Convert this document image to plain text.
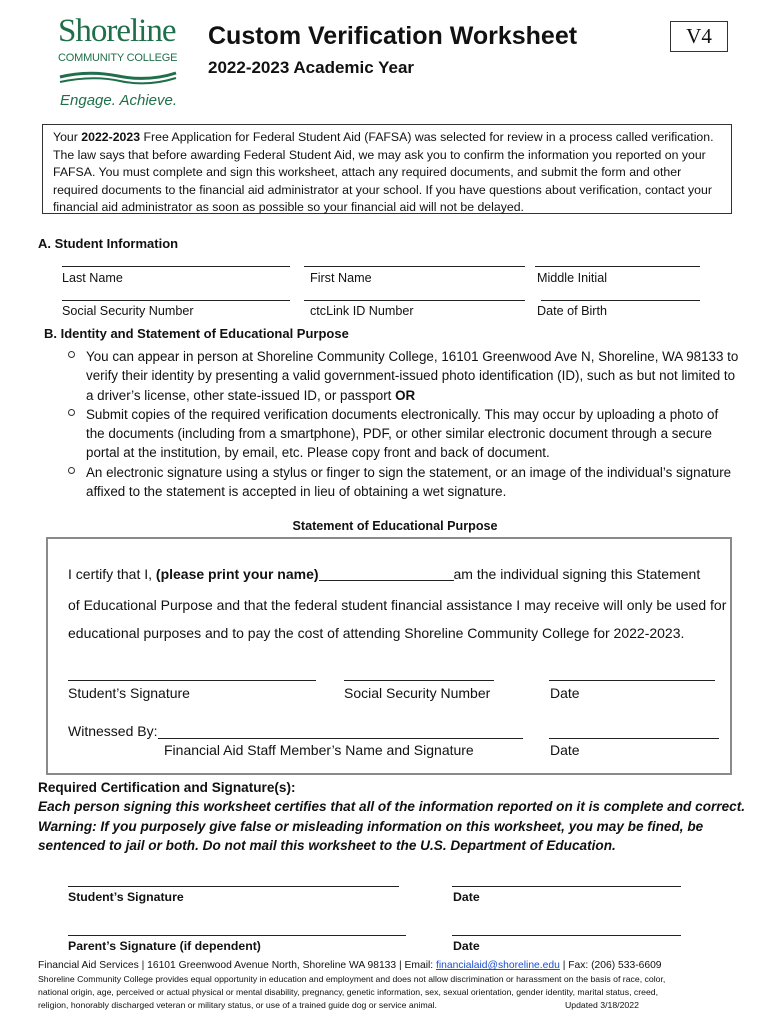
Shoreline
COMMUNITY COLLEGE
Engage. Achieve.
Custom Verification Worksheet
2022-2023 Academic Year
V4
Your 2022-2023 Free Application for Federal Student Aid (FAFSA) was selected for review in a process called verification. The law says that before awarding Federal Student Aid, we may ask you to confirm the information you reported on your FAFSA. You must complete and sign this worksheet, attach any required documents, and submit the form and other required documents to the financial aid administrator at your school. If you have questions about verification, contact your financial aid administrator as soon as possible so your financial aid will not be delayed.
A. Student Information
Last Name	First Name	Middle Initial
Social Security Number	ctcLink ID Number	Date of Birth
B. Identity and Statement of Educational Purpose
You can appear in person at Shoreline Community College, 16101 Greenwood Ave N, Shoreline, WA 98133 to verify their identity by presenting a valid government-issued photo identification (ID), such as but not limited to a driver’s license, other state-issued ID, or passport OR
Submit copies of the required verification documents electronically. This may occur by uploading a photo of the documents (including from a smartphone), PDF, or other similar electronic document through a secure portal at the institution, by email, etc. Please copy front and back of document.
An electronic signature using a stylus or finger to sign the statement, or an image of the individual’s signature affixed to the statement is accepted in lieu of obtaining a wet signature.
Statement of Educational Purpose
I certify that I, (please print your name)	am the individual signing this Statement
of Educational Purpose and that the federal student financial assistance I may receive will only be used for
educational purposes and to pay the cost of attending Shoreline Community College for 2022-2023.
Student’s Signature	Social Security Number	Date
Witnessed By:
Financial Aid Staff Member’s Name and Signature	Date
Required Certification and Signature(s):
Each person signing this worksheet certifies that all of the information reported on it is complete and correct.
Warning: If you purposely give false or misleading information on this worksheet, you may be fined, be
sentenced to jail or both. Do not mail this worksheet to the U.S. Department of Education.
Student’s Signature	Date
Parent’s Signature (if dependent)	Date
Financial Aid Services | 16101 Greenwood Avenue North, Shoreline WA 98133 | Email: financialaid@shoreline.edu | Fax: (206) 533-6609
Shoreline Community College provides equal opportunity in education and employment and does not allow discrimination or harassment on the basis of race, color,
national origin, age, perceived or actual physical or mental disability, pregnancy, genetic information, sex, sexual orientation, gender identity, marital status, creed,
religion, honorably discharged veteran or military status, or use of a trained guide dog or service animal.	Updated 3/18/2022
